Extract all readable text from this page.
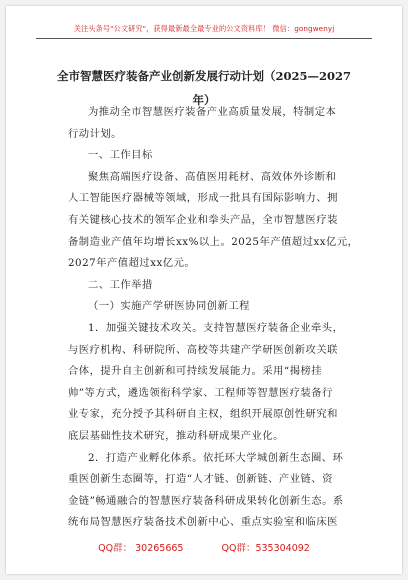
关注头条号"公文研究"，获得最新最全最专业的公文资料库！ 微信：gongwenyj
全市智慧医疗装备产业创新发展行动计划（2025—2027
年）

为推动全市智慧医疗装备产业高质量发展，特制定本

行动计划。

一、工作目标

聚焦高端医疗设备、高值医用耗材、高效体外诊断和

人工智能医疗器械等领域，形成一批具有国际影响力、拥

有关键核心技术的领军企业和拳头产品，全市智慧医疗装

备制造业产值年均增长xx%以上。2025年产值超过xx亿元，

2027年产值超过xx亿元。

二、工作举措

（一）实施产学研医协同创新工程

1．加强关键技术攻关。支持智慧医疗装备企业牵头，

与医疗机构、科研院所、高校等共建产学研医创新攻关联

合体，提升自主创新和可持续发展能力。采用“揭榜挂

帅”等方式，遴选领衔科学家、工程师等智慧医疗装备行

业专家，充分授予其科研自主权，组织开展原创性研究和

底层基础性技术研究，推动科研成果产业化。

2．打造产业孵化体系。依托环大学城创新生态圈、环

重医创新生态圈等，打造“人才链、创新链、产业链、资

金链”畅通融合的智慧医疗装备科研成果转化创新生态。系

统布局智慧医疗装备技术创新中心、重点实验室和临床医

QQ群： 30265665	QQ群：535304092
